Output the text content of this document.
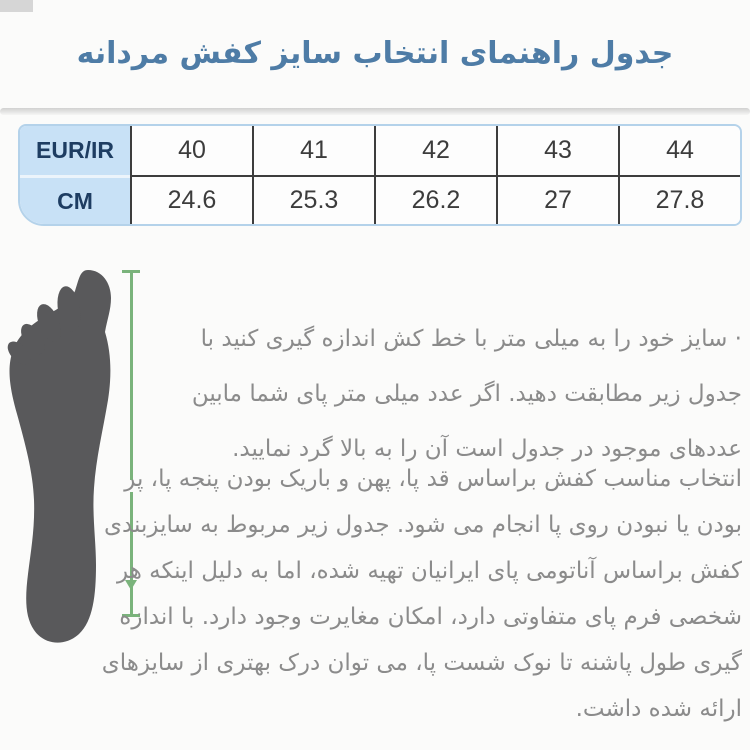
جدول راهنمای انتخاب سایز کفش مردانه
EUR/IR	40	41	42	43	44
CM	24.6	25.3	26.2	27	27.8
· سایز خود را به میلی متر با خط کش اندازه گیری کنید با
جدول زیر مطابقت دهید. اگر عدد میلی متر پای شما مابین
عددهای موجود در جدول است آن را به بالا گرد نمایید.
انتخاب مناسب کفش براساس قد پا، پهن و باریک بودن پنجه پا، پر
بودن یا نبودن روی پا انجام می شود. جدول زیر مربوط به سایزبندی
کفش براساس آناتومی پای ایرانیان تهیه شده، اما به دلیل اینکه هر
شخصی فرم پای متفاوتی دارد، امکان مغایرت وجود دارد. با اندازه
گیری طول پاشنه تا نوک شست پا، می توان درک بهتری از سایزهای
ارائه شده داشت.
